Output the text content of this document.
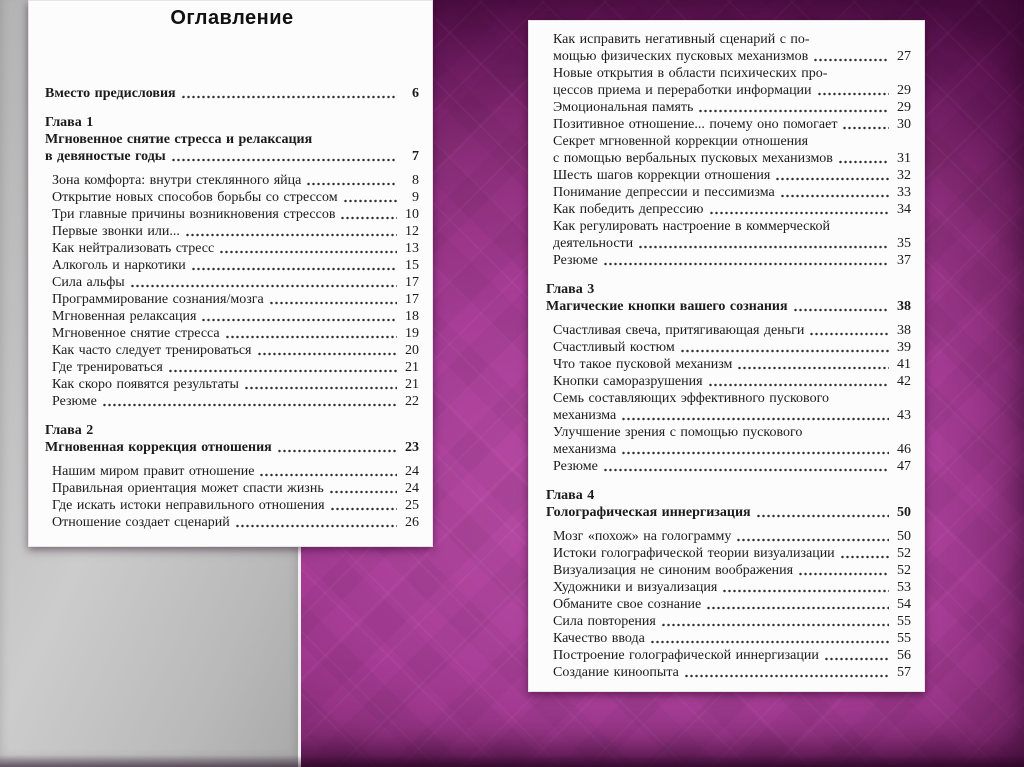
Оглавление
Вместо предисловия	6
Глава 1
Мгновенное снятие стресса и релаксация
в девяностые годы	7
Зона комфорта: внутри стеклянного яйца	8
Открытие новых способов борьбы со стрессом	9
Три главные причины возникновения стрессов	10
Первые звонки или...	12
Как нейтрализовать стресс	13
Алкоголь и наркотики	15
Сила альфы	17
Программирование сознания/мозга	17
Мгновенная релаксация	18
Мгновенное снятие стресса	19
Как часто следует тренироваться	20
Где тренироваться	21
Как скоро появятся результаты	21
Резюме	22
Глава 2
Мгновенная коррекция отношения	23
Нашим миром правит отношение	24
Правильная ориентация может спасти жизнь	24
Где искать истоки неправильного отношения	25
Отношение создает сценарий	26
Как исправить негативный сценарий с по-
мощью физических пусковых механизмов	27
Новые открытия в области психических про-
цессов приема и переработки информации	29
Эмоциональная память	29
Позитивное отношение... почему оно помогает	30
Секрет мгновенной коррекции отношения
с помощью вербальных пусковых механизмов	31
Шесть шагов коррекции отношения	32
Понимание депрессии и пессимизма	33
Как победить депрессию	34
Как регулировать настроение в коммерческой
деятельности	35
Резюме	37
Глава 3
Магические кнопки вашего сознания	38
Счастливая свеча, притягивающая деньги	38
Счастливый костюм	39
Что такое пусковой механизм	41
Кнопки саморазрушения	42
Семь составляющих эффективного пускового
механизма	43
Улучшение зрения с помощью пускового
механизма	46
Резюме	47
Глава 4
Голографическая иннергизация	50
Мозг «похож» на голограмму	50
Истоки голографической теории визуализации	52
Визуализация не синоним воображения	52
Художники и визуализация	53
Обманите свое сознание	54
Сила повторения	55
Качество ввода	55
Построение голографической иннергизации	56
Создание киноопыта	57
